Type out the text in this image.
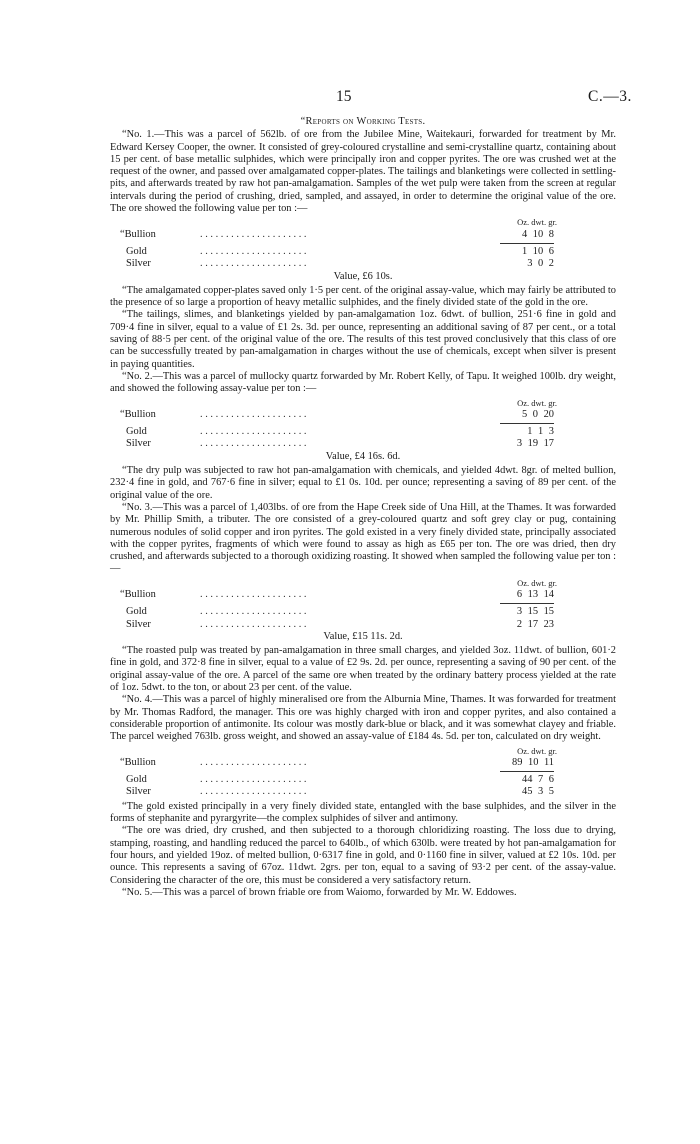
15	C.—3.
“Reports on Working Tests.

“No. 1.—This was a parcel of 562lb. of ore from the Jubilee Mine, Waitekauri, forwarded for treatment by Mr. Edward Kersey Cooper, the owner. It consisted of grey-coloured crystalline and semi-crystalline quartz, containing about 15 per cent. of base metallic sulphides, which were principally iron and copper pyrites. The ore was crushed wet at the request of the owner, and passed over amalgamated copper-plates. The tailings and blanketings were collected in settling-pits, and afterwards treated by raw hot pan-amalgamation. Samples of the wet pulp were taken from the screen at regular intervals during the period of crushing, dried, sampled, and assayed, in order to determine the original value of the ore. The ore showed the following value per ton :—

Oz. dwt. gr.
“Bullion	. . . . . . . . . . . . . . . . . . . . .	4 10 8
Gold	. . . . . . . . . . . . . . . . . . . . .	1 10 6
Silver	. . . . . . . . . . . . . . . . . . . . .	3 0 2
Value, £6 10s.

“The amalgamated copper-plates saved only 1·5 per cent. of the original assay-value, which may fairly be attributed to the presence of so large a proportion of heavy metallic sulphides, and the finely divided state of the gold in the ore.

“The tailings, slimes, and blanketings yielded by pan-amalgamation 1oz. 6dwt. of bullion, 251·6 fine in gold and 709·4 fine in silver, equal to a value of £1 2s. 3d. per ounce, representing an additional saving of 87 per cent., or a total saving of 88·5 per cent. of the original value of the ore. The results of this test proved conclusively that this class of ore can be successfully treated by pan-amalgamation in charges without the use of chemicals, except when silver is present in paying quantities.

“No. 2.—This was a parcel of mullocky quartz forwarded by Mr. Robert Kelly, of Tapu. It weighed 100lb. dry weight, and showed the following assay-value per ton :—

Oz. dwt. gr.
“Bullion	. . . . . . . . . . . . . . . . . . . . .	5 0 20
Gold	. . . . . . . . . . . . . . . . . . . . .	1 1 3
Silver	. . . . . . . . . . . . . . . . . . . . .	3 19 17
Value, £4 16s. 6d.

“The dry pulp was subjected to raw hot pan-amalgamation with chemicals, and yielded 4dwt. 8gr. of melted bullion, 232·4 fine in gold, and 767·6 fine in silver; equal to £1 0s. 10d. per ounce; representing a saving of 89 per cent. of the original value of the ore.

“No. 3.—This was a parcel of 1,403lbs. of ore from the Hape Creek side of Una Hill, at the Thames. It was forwarded by Mr. Phillip Smith, a tributer. The ore consisted of a grey-coloured quartz and soft grey clay or pug, containing numerous nodules of solid copper and iron pyrites. The gold existed in a very finely divided state, principally associated with the copper pyrites, fragments of which were found to assay as high as £65 per ton. The ore was dried, then dry crushed, and afterwards subjected to a thorough oxidizing roasting. It showed when sampled the following value per ton :—

Oz. dwt. gr.
“Bullion	. . . . . . . . . . . . . . . . . . . . .	6 13 14
Gold	. . . . . . . . . . . . . . . . . . . . .	3 15 15
Silver	. . . . . . . . . . . . . . . . . . . . .	2 17 23
Value, £15 11s. 2d.

“The roasted pulp was treated by pan-amalgamation in three small charges, and yielded 3oz. 11dwt. of bullion, 601·2 fine in gold, and 372·8 fine in silver, equal to a value of £2 9s. 2d. per ounce, representing a saving of 90 per cent. of the original assay-value of the ore. A parcel of the same ore when treated by the ordinary battery process yielded at the rate of 1oz. 5dwt. to the ton, or about 23 per cent. of the value.

“No. 4.—This was a parcel of highly mineralised ore from the Alburnia Mine, Thames. It was forwarded for treatment by Mr. Thomas Radford, the manager. This ore was highly charged with iron and copper pyrites, and also contained a considerable proportion of antimonite. Its colour was mostly dark-blue or black, and it was somewhat clayey and friable. The parcel weighed 763lb. gross weight, and showed an assay-value of £184 4s. 5d. per ton, calculated on dry weight.

Oz. dwt. gr.
“Bullion	. . . . . . . . . . . . . . . . . . . . .	89 10 11
Gold	. . . . . . . . . . . . . . . . . . . . .	44 7 6
Silver	. . . . . . . . . . . . . . . . . . . . .	45 3 5

“The gold existed principally in a very finely divided state, entangled with the base sulphides, and the silver in the forms of stephanite and pyrargyrite—the complex sulphides of silver and antimony.

“The ore was dried, dry crushed, and then subjected to a thorough chloridizing roasting. The loss due to drying, stamping, roasting, and handling reduced the parcel to 640lb., of which 630lb. were treated by hot pan-amalgamation for four hours, and yielded 19oz. of melted bullion, 0·6317 fine in gold, and 0·1160 fine in silver, valued at £2 10s. 10d. per ounce. This represents a saving of 67oz. 11dwt. 2grs. per ton, equal to a saving of 93·2 per cent. of the assay-value. Considering the character of the ore, this must be considered a very satisfactory return.

“No. 5.—This was a parcel of brown friable ore from Waiomo, forwarded by Mr. W. Eddowes.
